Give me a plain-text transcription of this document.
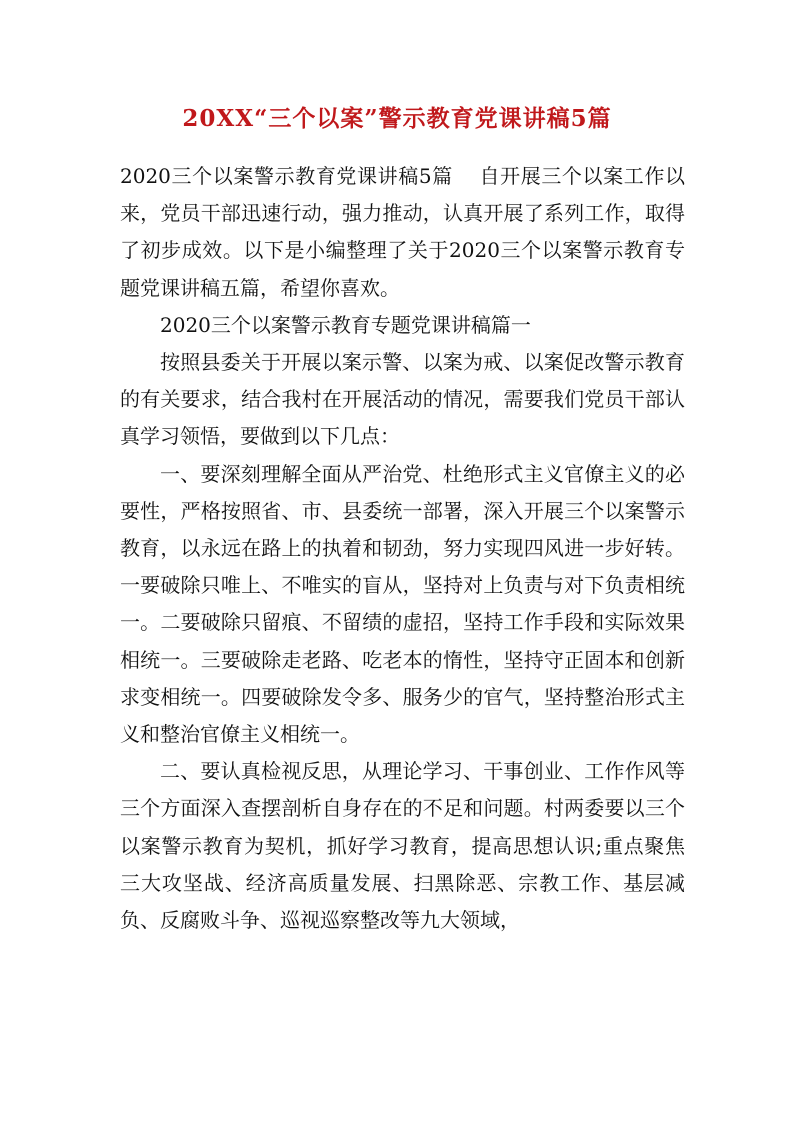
20XX“三个以案”警示教育党课讲稿5篇

2020三个以案警示教育党课讲稿5篇 自开展三个以案工作以来，党员干部迅速行动，强力推动，认真开展了系列工作，取得了初步成效。以下是小编整理了关于2020三个以案警示教育专题党课讲稿五篇，希望你喜欢。

2020三个以案警示教育专题党课讲稿篇一

按照县委关于开展以案示警、以案为戒、以案促改警示教育的有关要求，结合我村在开展活动的情况，需要我们党员干部认真学习领悟，要做到以下几点：

一、要深刻理解全面从严治党、杜绝形式主义官僚主义的必要性，严格按照省、市、县委统一部署，深入开展三个以案警示教育，以永远在路上的执着和韧劲，努力实现四风进一步好转。一要破除只唯上、不唯实的盲从，坚持对上负责与对下负责相统一。二要破除只留痕、不留绩的虚招，坚持工作手段和实际效果相统一。三要破除走老路、吃老本的惰性，坚持守正固本和创新求变相统一。四要破除发令多、服务少的官气，坚持整治形式主义和整治官僚主义相统一。

二、要认真检视反思，从理论学习、干事创业、工作作风等三个方面深入查摆剖析自身存在的不足和问题。村两委要以三个以案警示教育为契机，抓好学习教育，提高思想认识;重点聚焦三大攻坚战、经济高质量发展、扫黑除恶、宗教工作、基层减负、反腐败斗争、巡视巡察整改等九大领域，
